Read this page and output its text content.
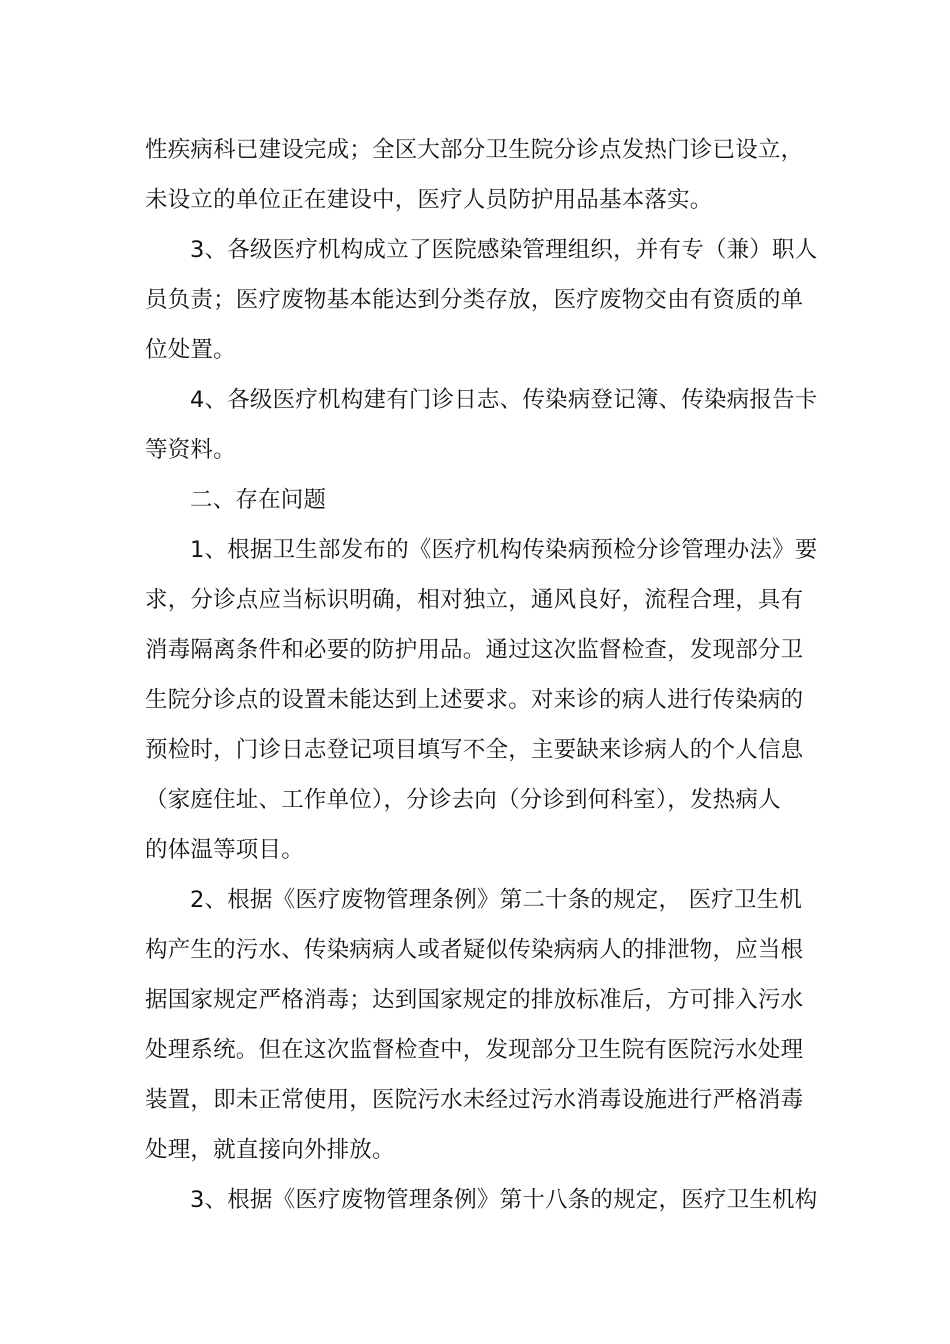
性疾病科已建设完成；全区大部分卫生院分诊点发热门诊已设立，
未设立的单位正在建设中，医疗人员防护用品基本落实。
3、各级医疗机构成立了医院感染管理组织，并有专（兼）职人
员负责；医疗废物基本能达到分类存放，医疗废物交由有资质的单
位处置。
4、各级医疗机构建有门诊日志、传染病登记簿、传染病报告卡
等资料。
二、存在问题
1、根据卫生部发布的《医疗机构传染病预检分诊管理办法》要
求，分诊点应当标识明确，相对独立，通风良好，流程合理，具有
消毒隔离条件和必要的防护用品。通过这次监督检查，发现部分卫
生院分诊点的设置未能达到上述要求。对来诊的病人进行传染病的
预检时，门诊日志登记项目填写不全，主要缺来诊病人的个人信息
（家庭住址、工作单位），分诊去向（分诊到何科室），发热病人
的体温等项目。
2、根据《医疗废物管理条例》第二十条的规定， 医疗卫生机
构产生的污水、传染病病人或者疑似传染病病人的排泄物，应当根
据国家规定严格消毒；达到国家规定的排放标准后，方可排入污水
处理系统。但在这次监督检查中，发现部分卫生院有医院污水处理
装置，即未正常使用，医院污水未经过污水消毒设施进行严格消毒
处理，就直接向外排放。
3、根据《医疗废物管理条例》第十八条的规定，医疗卫生机构
